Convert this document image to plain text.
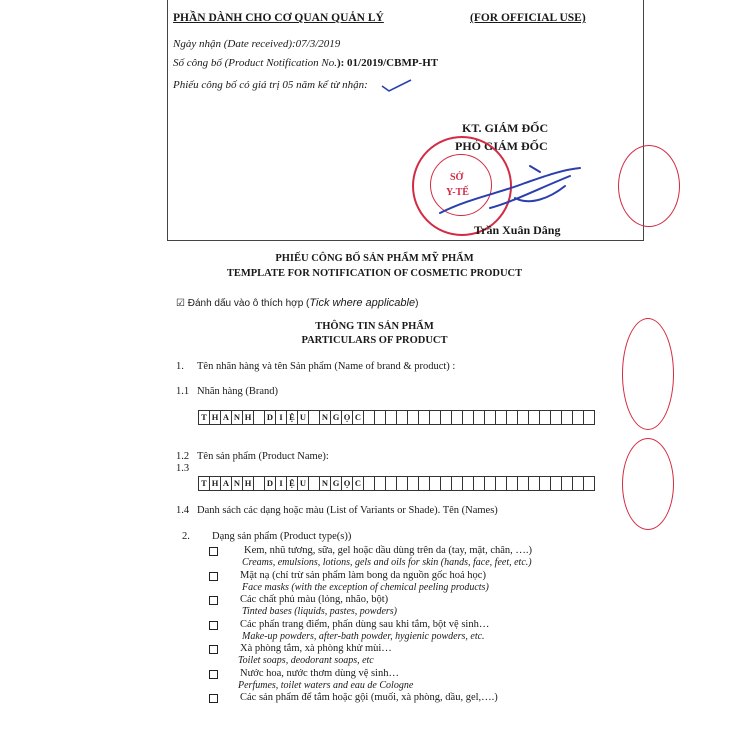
PHẦN DÀNH CHO CƠ QUAN QUẢN LÝ	(FOR OFFICIAL USE)
Ngày nhận (Date received):07/3/2019
Số công bố (Product Notification No.): 01/2019/CBMP-HT
Phiếu công bố có giá trị 05 năm kể từ nhận:
KT. GIÁM ĐỐC
PHÓ GIÁM ĐỐC
SỞ
Y-TẾ
Trần Xuân Dâng
PHIẾU CÔNG BỐ SẢN PHẨM MỸ PHẨM
TEMPLATE FOR NOTIFICATION OF COSMETIC PRODUCT
☑ Đánh dấu vào ô thích hợp (Tick where applicable)
THÔNG TIN SẢN PHẨM
PARTICULARS OF PRODUCT
1. Tên nhãn hàng và tên Sản phẩm (Name of brand & product) :
1.1 Nhãn hàng (Brand)
T H A N H	D I Ệ U	N G Ọ C
1.2 Tên sản phẩm (Product Name):
1.3
T H A N H	D I Ệ U	N G Ọ C
1.4 Danh sách các dạng hoặc màu (List of Variants or Shade). Tên (Names)
2. Dạng sản phẩm (Product type(s))
Kem, nhũ tương, sữa, gel hoặc dầu dùng trên da (tay, mặt, chân, ….)
Creams, emulsions, lotions, gels and oils for skin (hands, face, feet, etc.)
Mặt nạ (chỉ trừ sản phẩm làm bong da nguồn gốc hoá học)
Face masks (with the exception of chemical peeling products)
Các chất phủ màu (lỏng, nhão, bột)
Tinted bases (liquids, pastes, powders)
Các phấn trang điểm, phấn dùng sau khi tắm, bột vệ sinh…
Make-up powders, after-bath powder, hygienic powders, etc.
Xà phòng tắm, xà phòng khử mùi…
Toilet soaps, deodorant soaps, etc
Nước hoa, nước thơm dùng vệ sinh…
Perfumes, toilet waters and eau de Cologne
Các sản phẩm để tắm hoặc gội (muối, xà phòng, dầu, gel,….)
